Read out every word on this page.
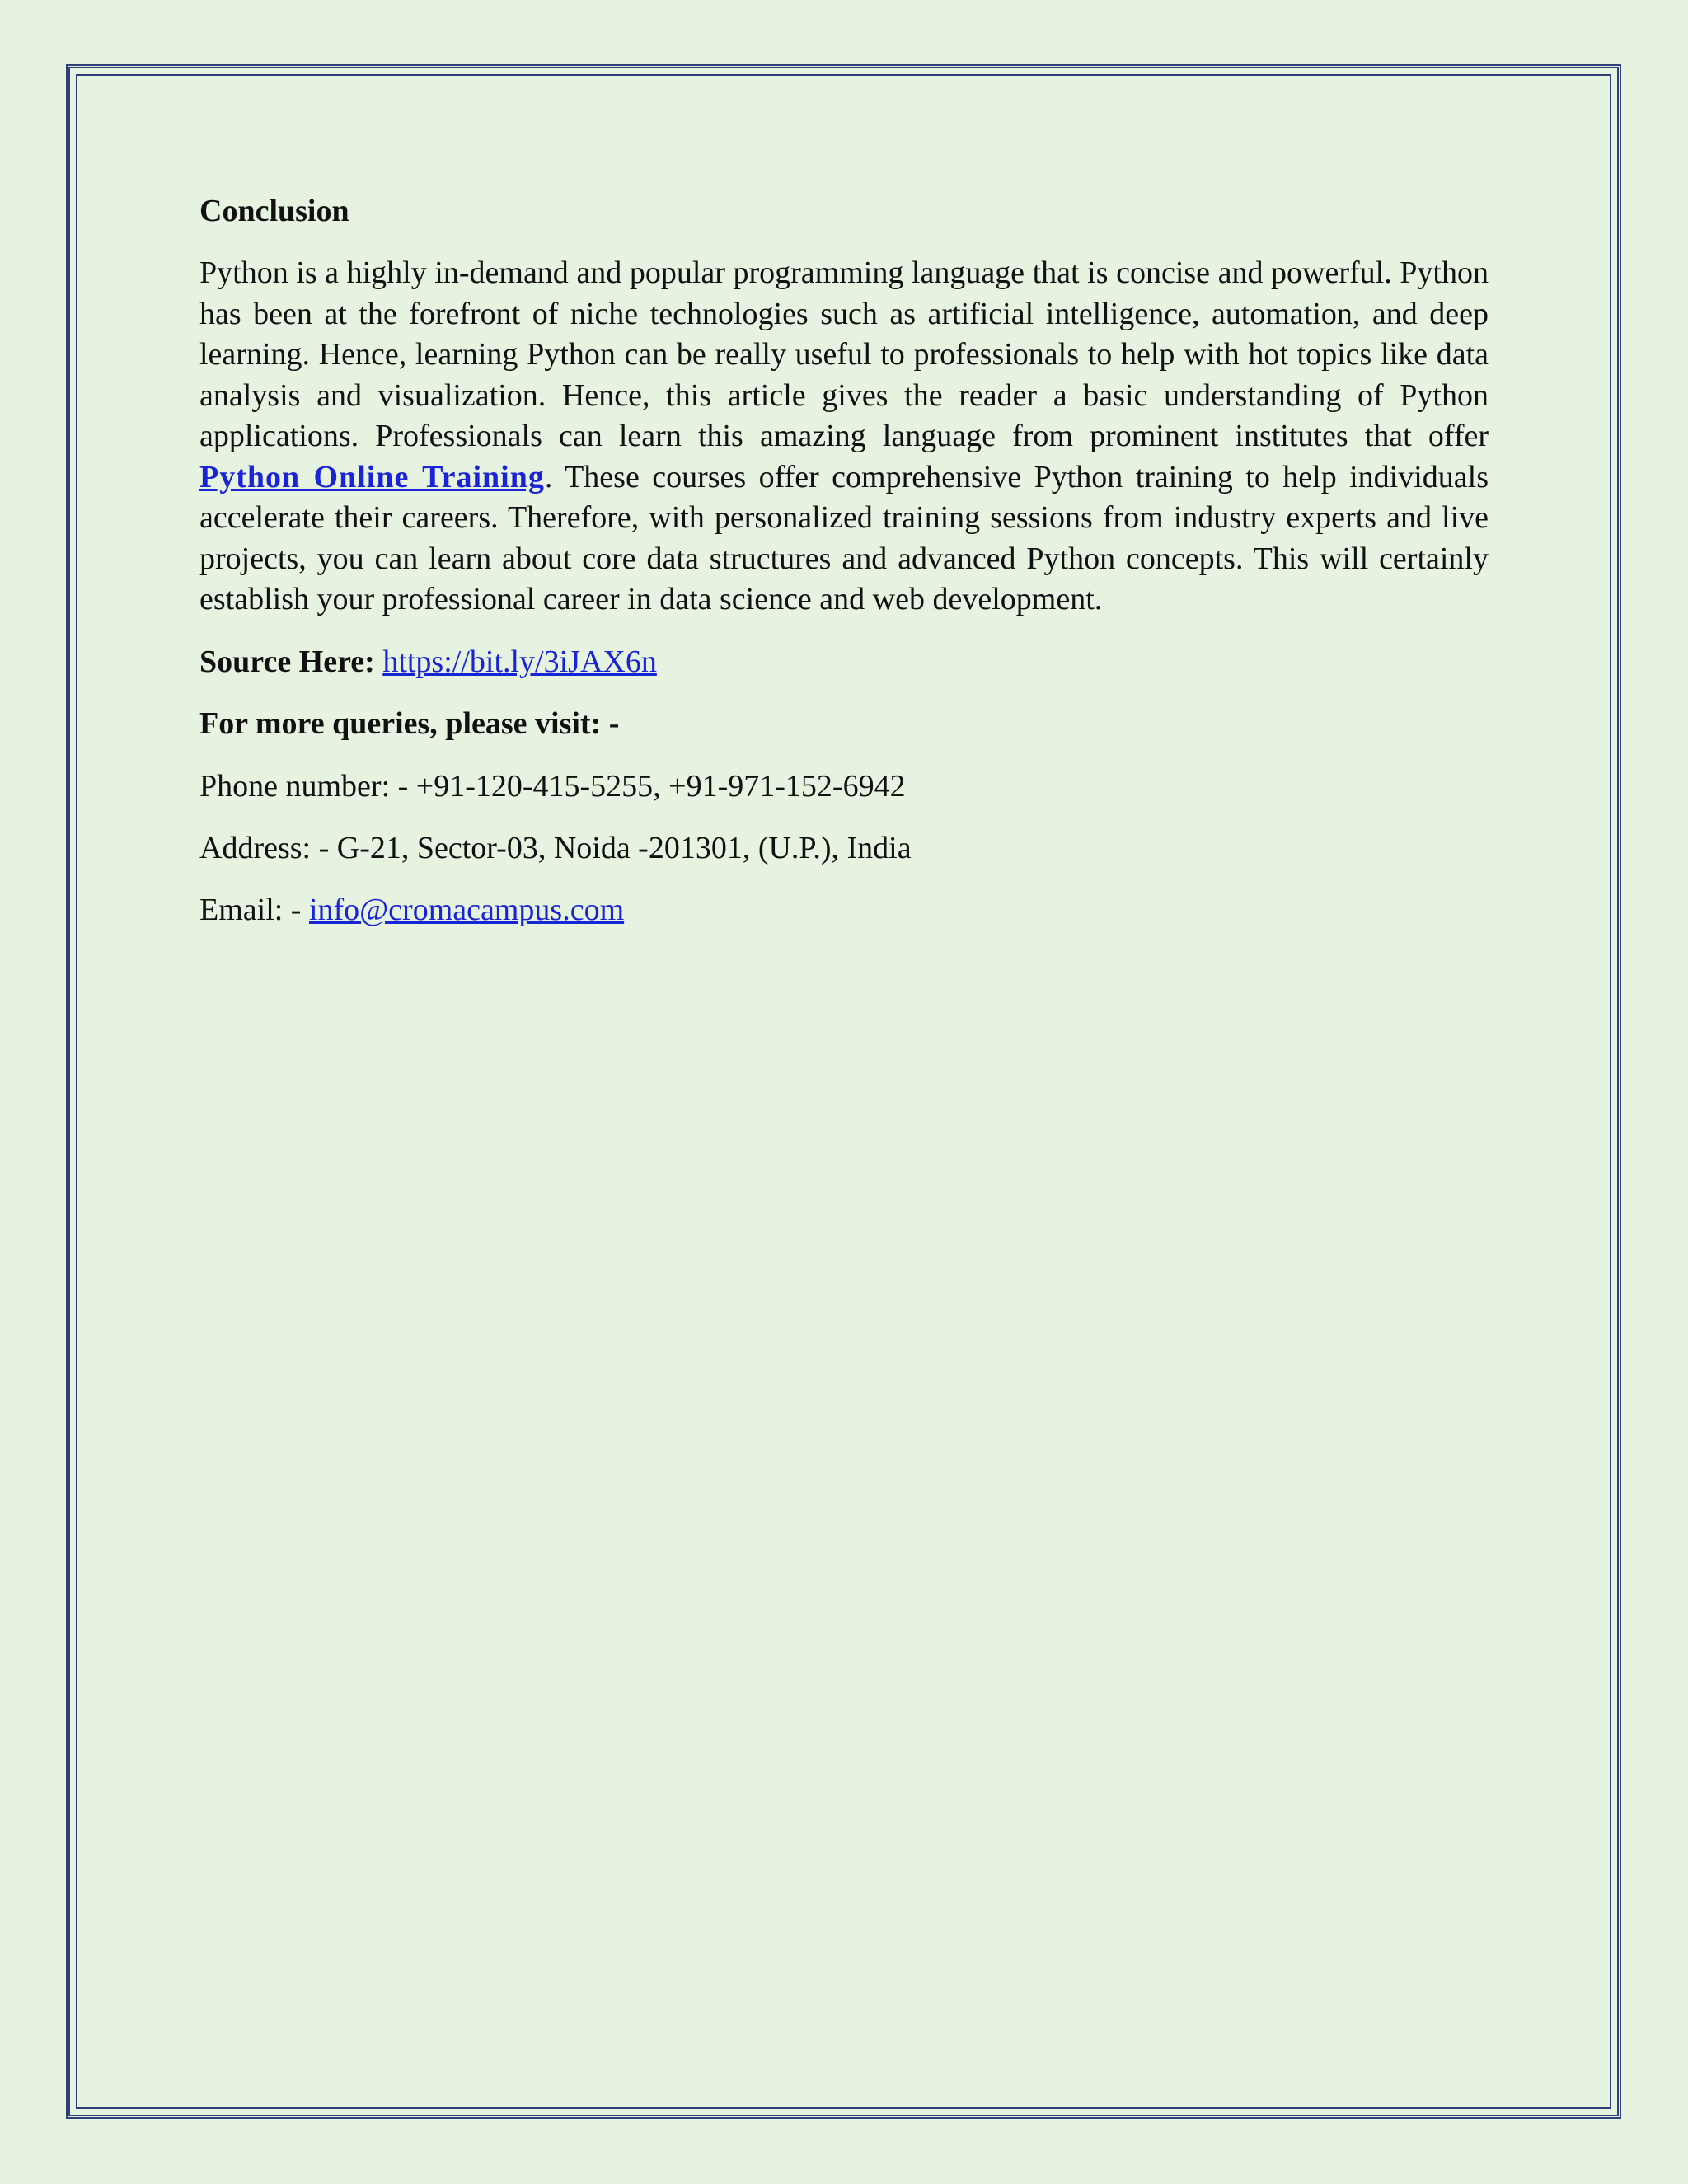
Conclusion
Python is a highly in-demand and popular programming language that is concise and powerful. Python has been at the forefront of niche technologies such as artificial intelligence, automation, and deep learning. Hence, learning Python can be really useful to professionals to help with hot topics like data analysis and visualization. Hence, this article gives the reader a basic understanding of Python applications. Professionals can learn this amazing language from prominent institutes that offer Python Online Training. These courses offer comprehensive Python training to help individuals accelerate their careers. Therefore, with personalized training sessions from industry experts and live projects, you can learn about core data structures and advanced Python concepts. This will certainly establish your professional career in data science and web development.
Source Here: https://bit.ly/3iJAX6n
For more queries, please visit: -
Phone number: - +91-120-415-5255, +91-971-152-6942
Address: - G-21, Sector-03, Noida -201301, (U.P.), India
Email: - info@cromacampus.com
